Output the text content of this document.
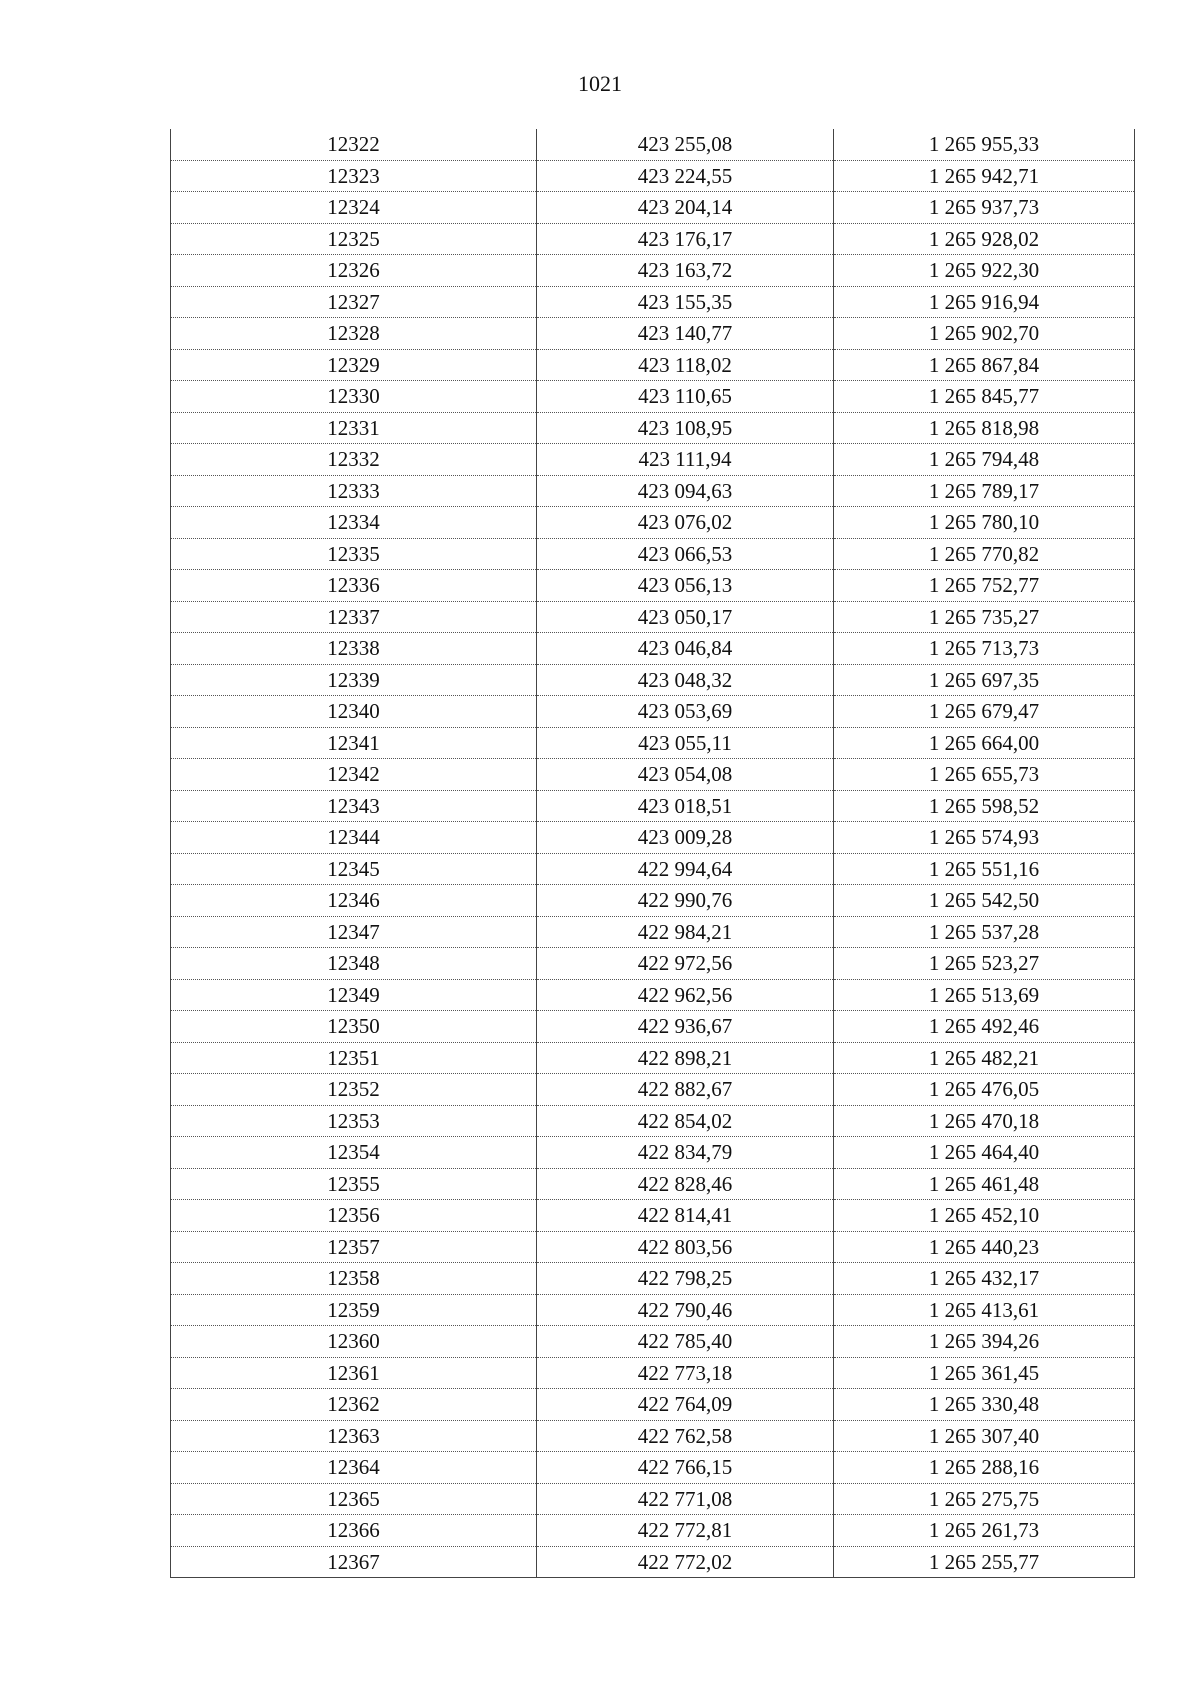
1021
12322	423 255,08	1 265 955,33
12323	423 224,55	1 265 942,71
12324	423 204,14	1 265 937,73
12325	423 176,17	1 265 928,02
12326	423 163,72	1 265 922,30
12327	423 155,35	1 265 916,94
12328	423 140,77	1 265 902,70
12329	423 118,02	1 265 867,84
12330	423 110,65	1 265 845,77
12331	423 108,95	1 265 818,98
12332	423 111,94	1 265 794,48
12333	423 094,63	1 265 789,17
12334	423 076,02	1 265 780,10
12335	423 066,53	1 265 770,82
12336	423 056,13	1 265 752,77
12337	423 050,17	1 265 735,27
12338	423 046,84	1 265 713,73
12339	423 048,32	1 265 697,35
12340	423 053,69	1 265 679,47
12341	423 055,11	1 265 664,00
12342	423 054,08	1 265 655,73
12343	423 018,51	1 265 598,52
12344	423 009,28	1 265 574,93
12345	422 994,64	1 265 551,16
12346	422 990,76	1 265 542,50
12347	422 984,21	1 265 537,28
12348	422 972,56	1 265 523,27
12349	422 962,56	1 265 513,69
12350	422 936,67	1 265 492,46
12351	422 898,21	1 265 482,21
12352	422 882,67	1 265 476,05
12353	422 854,02	1 265 470,18
12354	422 834,79	1 265 464,40
12355	422 828,46	1 265 461,48
12356	422 814,41	1 265 452,10
12357	422 803,56	1 265 440,23
12358	422 798,25	1 265 432,17
12359	422 790,46	1 265 413,61
12360	422 785,40	1 265 394,26
12361	422 773,18	1 265 361,45
12362	422 764,09	1 265 330,48
12363	422 762,58	1 265 307,40
12364	422 766,15	1 265 288,16
12365	422 771,08	1 265 275,75
12366	422 772,81	1 265 261,73
12367	422 772,02	1 265 255,77
